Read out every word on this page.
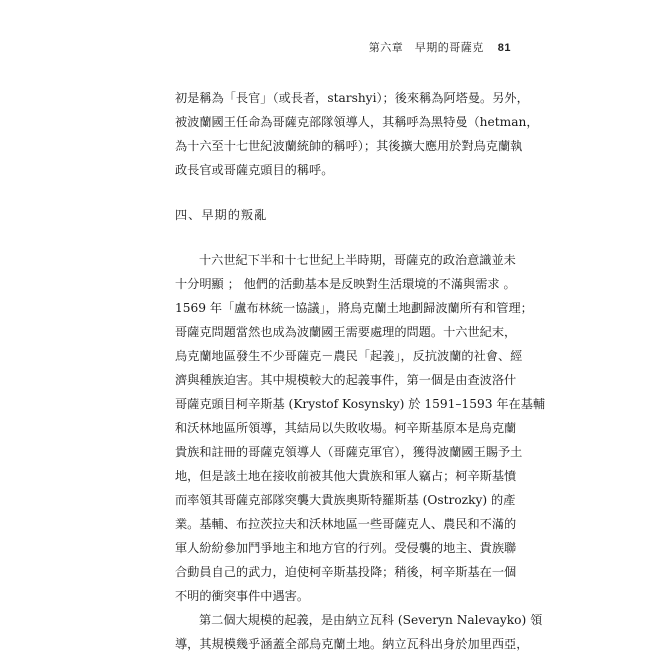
第六章　早期的哥薩克 81
初是稱為「長官」（或長者，starshyi）；後來稱為阿塔曼。另外，
被波蘭國王任命為哥薩克部隊領導人，其稱呼為黑特曼（hetman，
為十六至十七世紀波蘭統帥的稱呼）；其後擴大應用於對烏克蘭執
政長官或哥薩克頭目的稱呼。
四、早期的叛亂
十六世紀下半和十七世紀上半時期，哥薩克的政治意識並未
十分明顯 ； 他們的活動基本是反映對生活環境的不滿與需求 。
1569 年「盧布林統一協議」，將烏克蘭土地劃歸波蘭所有和管理；
哥薩克問題當然也成為波蘭國王需要處理的問題。十六世紀末，
烏克蘭地區發生不少哥薩克－農民「起義」，反抗波蘭的社會、經
濟與種族迫害。其中規模較大的起義事件，第一個是由查波洛什
哥薩克頭目柯辛斯基 (Krystof Kosynsky) 於 1591–1593 年在基輔
和沃林地區所領導，其結局以失敗收場。柯辛斯基原本是烏克蘭
貴族和註冊的哥薩克領導人（哥薩克軍官），獲得波蘭國王賜予土
地，但是該土地在接收前被其他大貴族和軍人竊占；柯辛斯基憤
而率領其哥薩克部隊突襲大貴族奧斯特羅斯基 (Ostrozky) 的產
業。基輔、布拉茨拉夫和沃林地區一些哥薩克人、農民和不滿的
軍人紛紛參加鬥爭地主和地方官的行列。受侵襲的地主、貴族聯
合動員自己的武力，迫使柯辛斯基投降；稍後，柯辛斯基在一個
不明的衝突事件中遇害。
第二個大規模的起義，是由納立瓦科 (Severyn Nalevayko) 領
導，其規模幾乎涵蓋全部烏克蘭土地。納立瓦科出身於加里西亞，
